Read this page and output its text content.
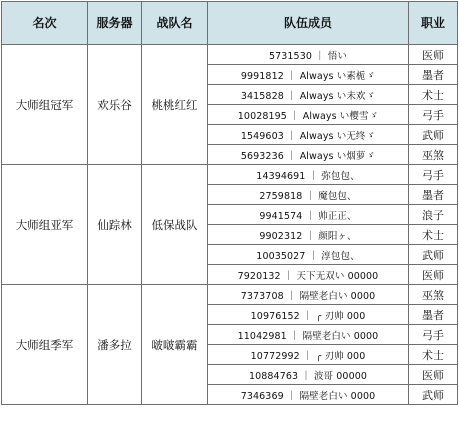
名次	服务器	战队名	队伍成员	职业
大师组冠军	欢乐谷	桃桃红红	5731530 ｜ 悟い	医师
			9991812 ｜ Always い素栀ゞ	墨者
			3415828 ｜ Always い未欢ゞ	术士
			10028195 ｜ Always い樱雪ゞ	弓手
			1549603 ｜ Always い无终ゞ	武师
			5693236 ｜ Always い烟萝ゞ	巫煞
大师组亚军	仙踪林	低保战队	14394691 ｜ 弥包包、	弓手
			2759818 ｜ 魔包包、	墨者
			9941574 ｜ 帅正正、	浪子
			9902312 ｜ 颜阳ヶ、	术士
			10035027 ｜ 淳包包、	武师
			7920132 ｜ 天下无双い 00000	医师
大师组季军	潘多拉	啵啵霸霸	7373708 ｜ 隔壁老白い 0000	巫煞
			10976152 ｜ ╭ 刃帅 000	墨者
			11042981 ｜ 隔壁老白い 0000	弓手
			10772992 ｜ ╭ 刃帅 000	术士
			10884763 ｜ 波哥 00000	医师
			7346369 ｜ 隔壁老白い 0000	武师
